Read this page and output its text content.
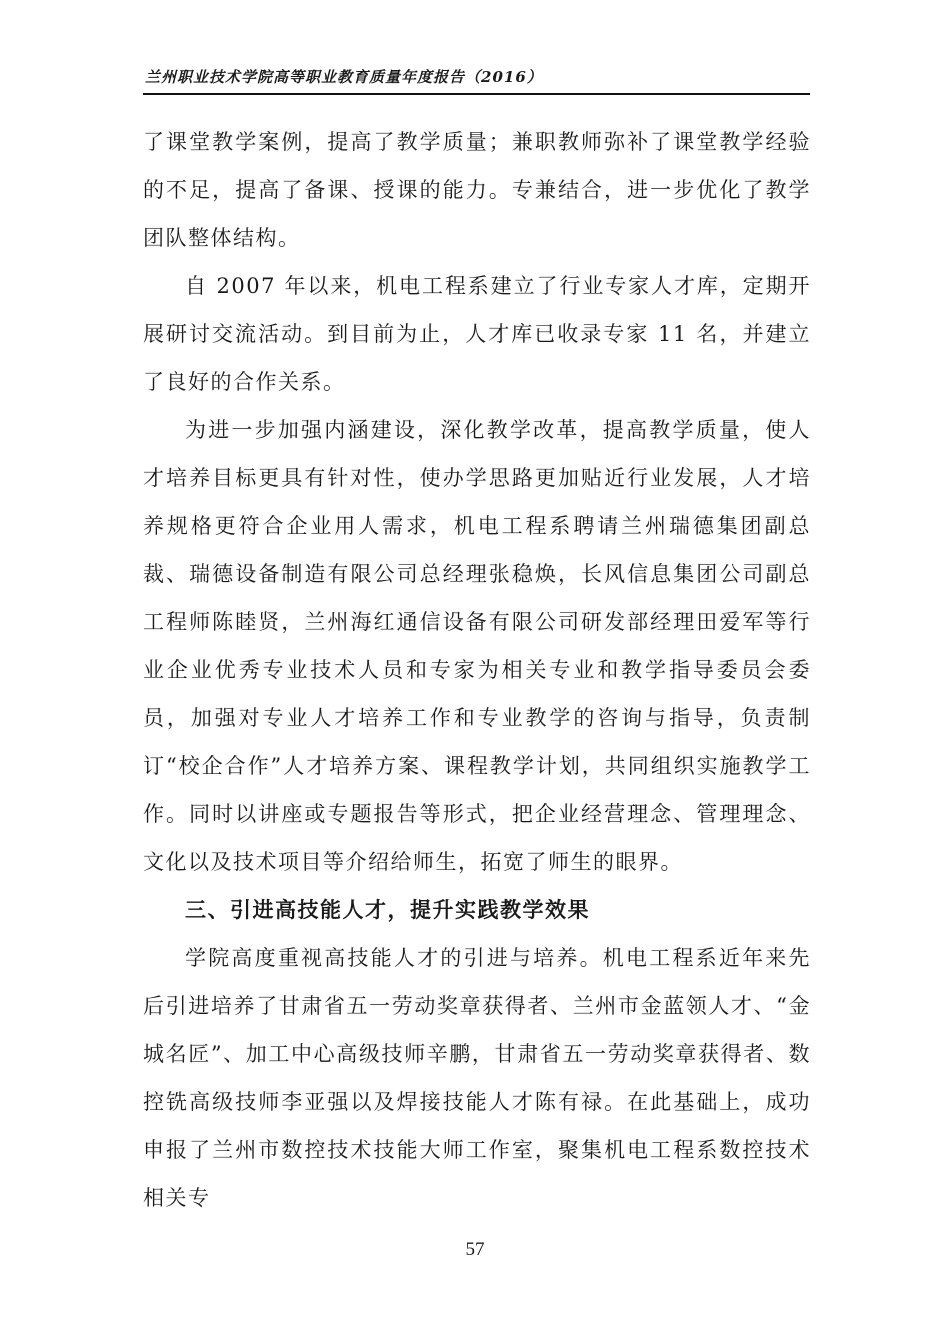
兰州职业技术学院高等职业教育质量年度报告（2016）

了课堂教学案例，提高了教学质量；兼职教师弥补了课堂教学经验的不足，提高了备课、授课的能力。专兼结合，进一步优化了教学团队整体结构。

自 2007 年以来，机电工程系建立了行业专家人才库，定期开展研讨交流活动。到目前为止，人才库已收录专家 11 名，并建立了良好的合作关系。

为进一步加强内涵建设，深化教学改革，提高教学质量，使人才培养目标更具有针对性，使办学思路更加贴近行业发展，人才培养规格更符合企业用人需求，机电工程系聘请兰州瑞德集团副总裁、瑞德设备制造有限公司总经理张稳焕，长风信息集团公司副总工程师陈睦贤，兰州海红通信设备有限公司研发部经理田爱军等行业企业优秀专业技术人员和专家为相关专业和教学指导委员会委员，加强对专业人才培养工作和专业教学的咨询与指导，负责制订“校企合作”人才培养方案、课程教学计划，共同组织实施教学工作。同时以讲座或专题报告等形式，把企业经营理念、管理理念、文化以及技术项目等介绍给师生，拓宽了师生的眼界。

三、引进高技能人才，提升实践教学效果

学院高度重视高技能人才的引进与培养。机电工程系近年来先后引进培养了甘肃省五一劳动奖章获得者、兰州市金蓝领人才、“金城名匠”、加工中心高级技师辛鹏，甘肃省五一劳动奖章获得者、数控铣高级技师李亚强以及焊接技能人才陈有禄。在此基础上，成功申报了兰州市数控技术技能大师工作室，聚集机电工程系数控技术相关专

57
